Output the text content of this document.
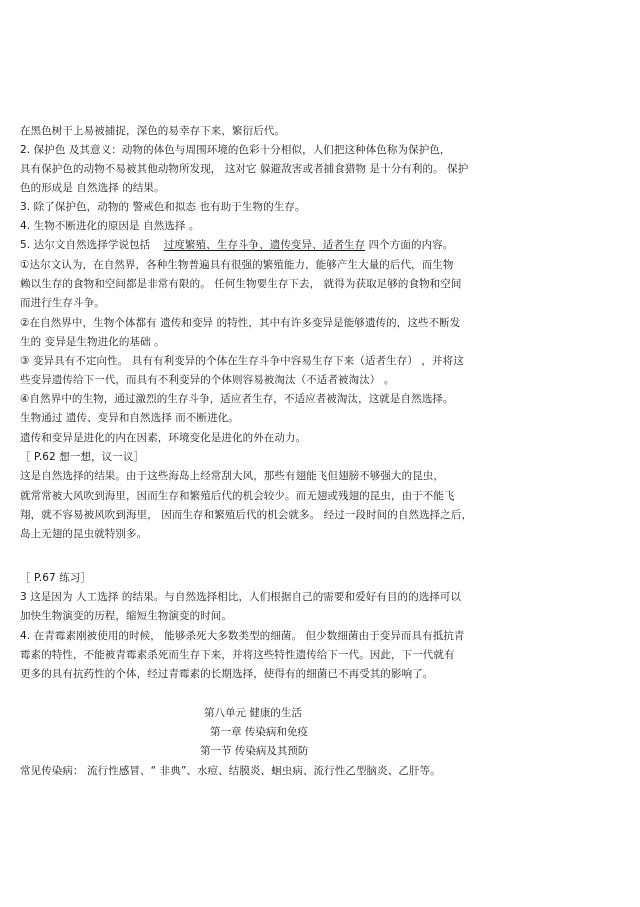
在黑色树干上易被捕捉，深色的易幸存下来，繁衍后代。
2. 保护色 及其意义：动物的体色与周围环境的色彩十分相似，人们把这种体色称为保护色，
具有保护色的动物不易被其他动物所发现， 这对它 躲避敌害或者捕食猎物 是十分有利的。 保护
色的形成是 自然选择 的结果。
3. 除了保护色，动物的 警戒色和拟态 也有助于生物的生存。
4. 生物不断进化的原因是 自然选择 。
5. 达尔文自然选择学说包括 过度繁殖、生存斗争、遗传变异、适者生存 四个方面的内容。
①达尔文认为，在自然界，各种生物普遍具有很强的繁殖能力，能够产生大量的后代，而生物
赖以生存的食物和空间都是非常有限的。 任何生物要生存下去， 就得为获取足够的食物和空间
而进行生存斗争。
②在自然界中，生物个体都有 遗传和变异 的特性，其中有许多变异是能够遗传的，这些不断发
生的 变异是生物进化的基础 。
③ 变异具有不定向性。 具有有利变异的个体在生存斗争中容易生存下来（适者生存） ，并将这
些变异遗传给下一代，而具有不利变异的个体则容易被淘汰（不适者被淘汰） 。
④自然界中的生物，通过激烈的生存斗争，适应者生存，不适应者被淘汰，这就是自然选择。
生物通过 遗传、变异和自然选择 而不断进化。
遗传和变异是进化的内在因素，环境变化是进化的外在动力。
［ P.62 想一想，议一议］
这是自然选择的结果。由于这些海岛上经常刮大风，那些有翅能飞但翅膀不够强大的昆虫，
就常常被大风吹到海里，因而生存和繁殖后代的机会较少。而无翅或残翅的昆虫，由于不能飞
翔，就不容易被风吹到海里， 因而生存和繁殖后代的机会就多。 经过一段时间的自然选择之后，
岛上无翅的昆虫就特别多。
［ P.67 练习］
3 这是因为 人工选择 的结果。与自然选择相比，人们根据自己的需要和爱好有目的的选择可以
加快生物演变的历程，缩短生物演变的时间。
4. 在青霉素刚被使用的时候， 能够杀死大多数类型的细菌。 但少数细菌由于变异而具有抵抗青
霉素的特性，不能被青霉素杀死而生存下来，并将这些特性遗传给下一代。因此，下一代就有
更多的具有抗药性的个体，经过青霉素的长期选择，使得有的细菌已不再受其的影响了。
第八单元 健康的生活
第一章 传染病和免疫
第一节 传染病及其预防
常见传染病： 流行性感冒、“ 非典”、水痘、结膜炎、蛔虫病、流行性乙型脑炎、乙肝等。
